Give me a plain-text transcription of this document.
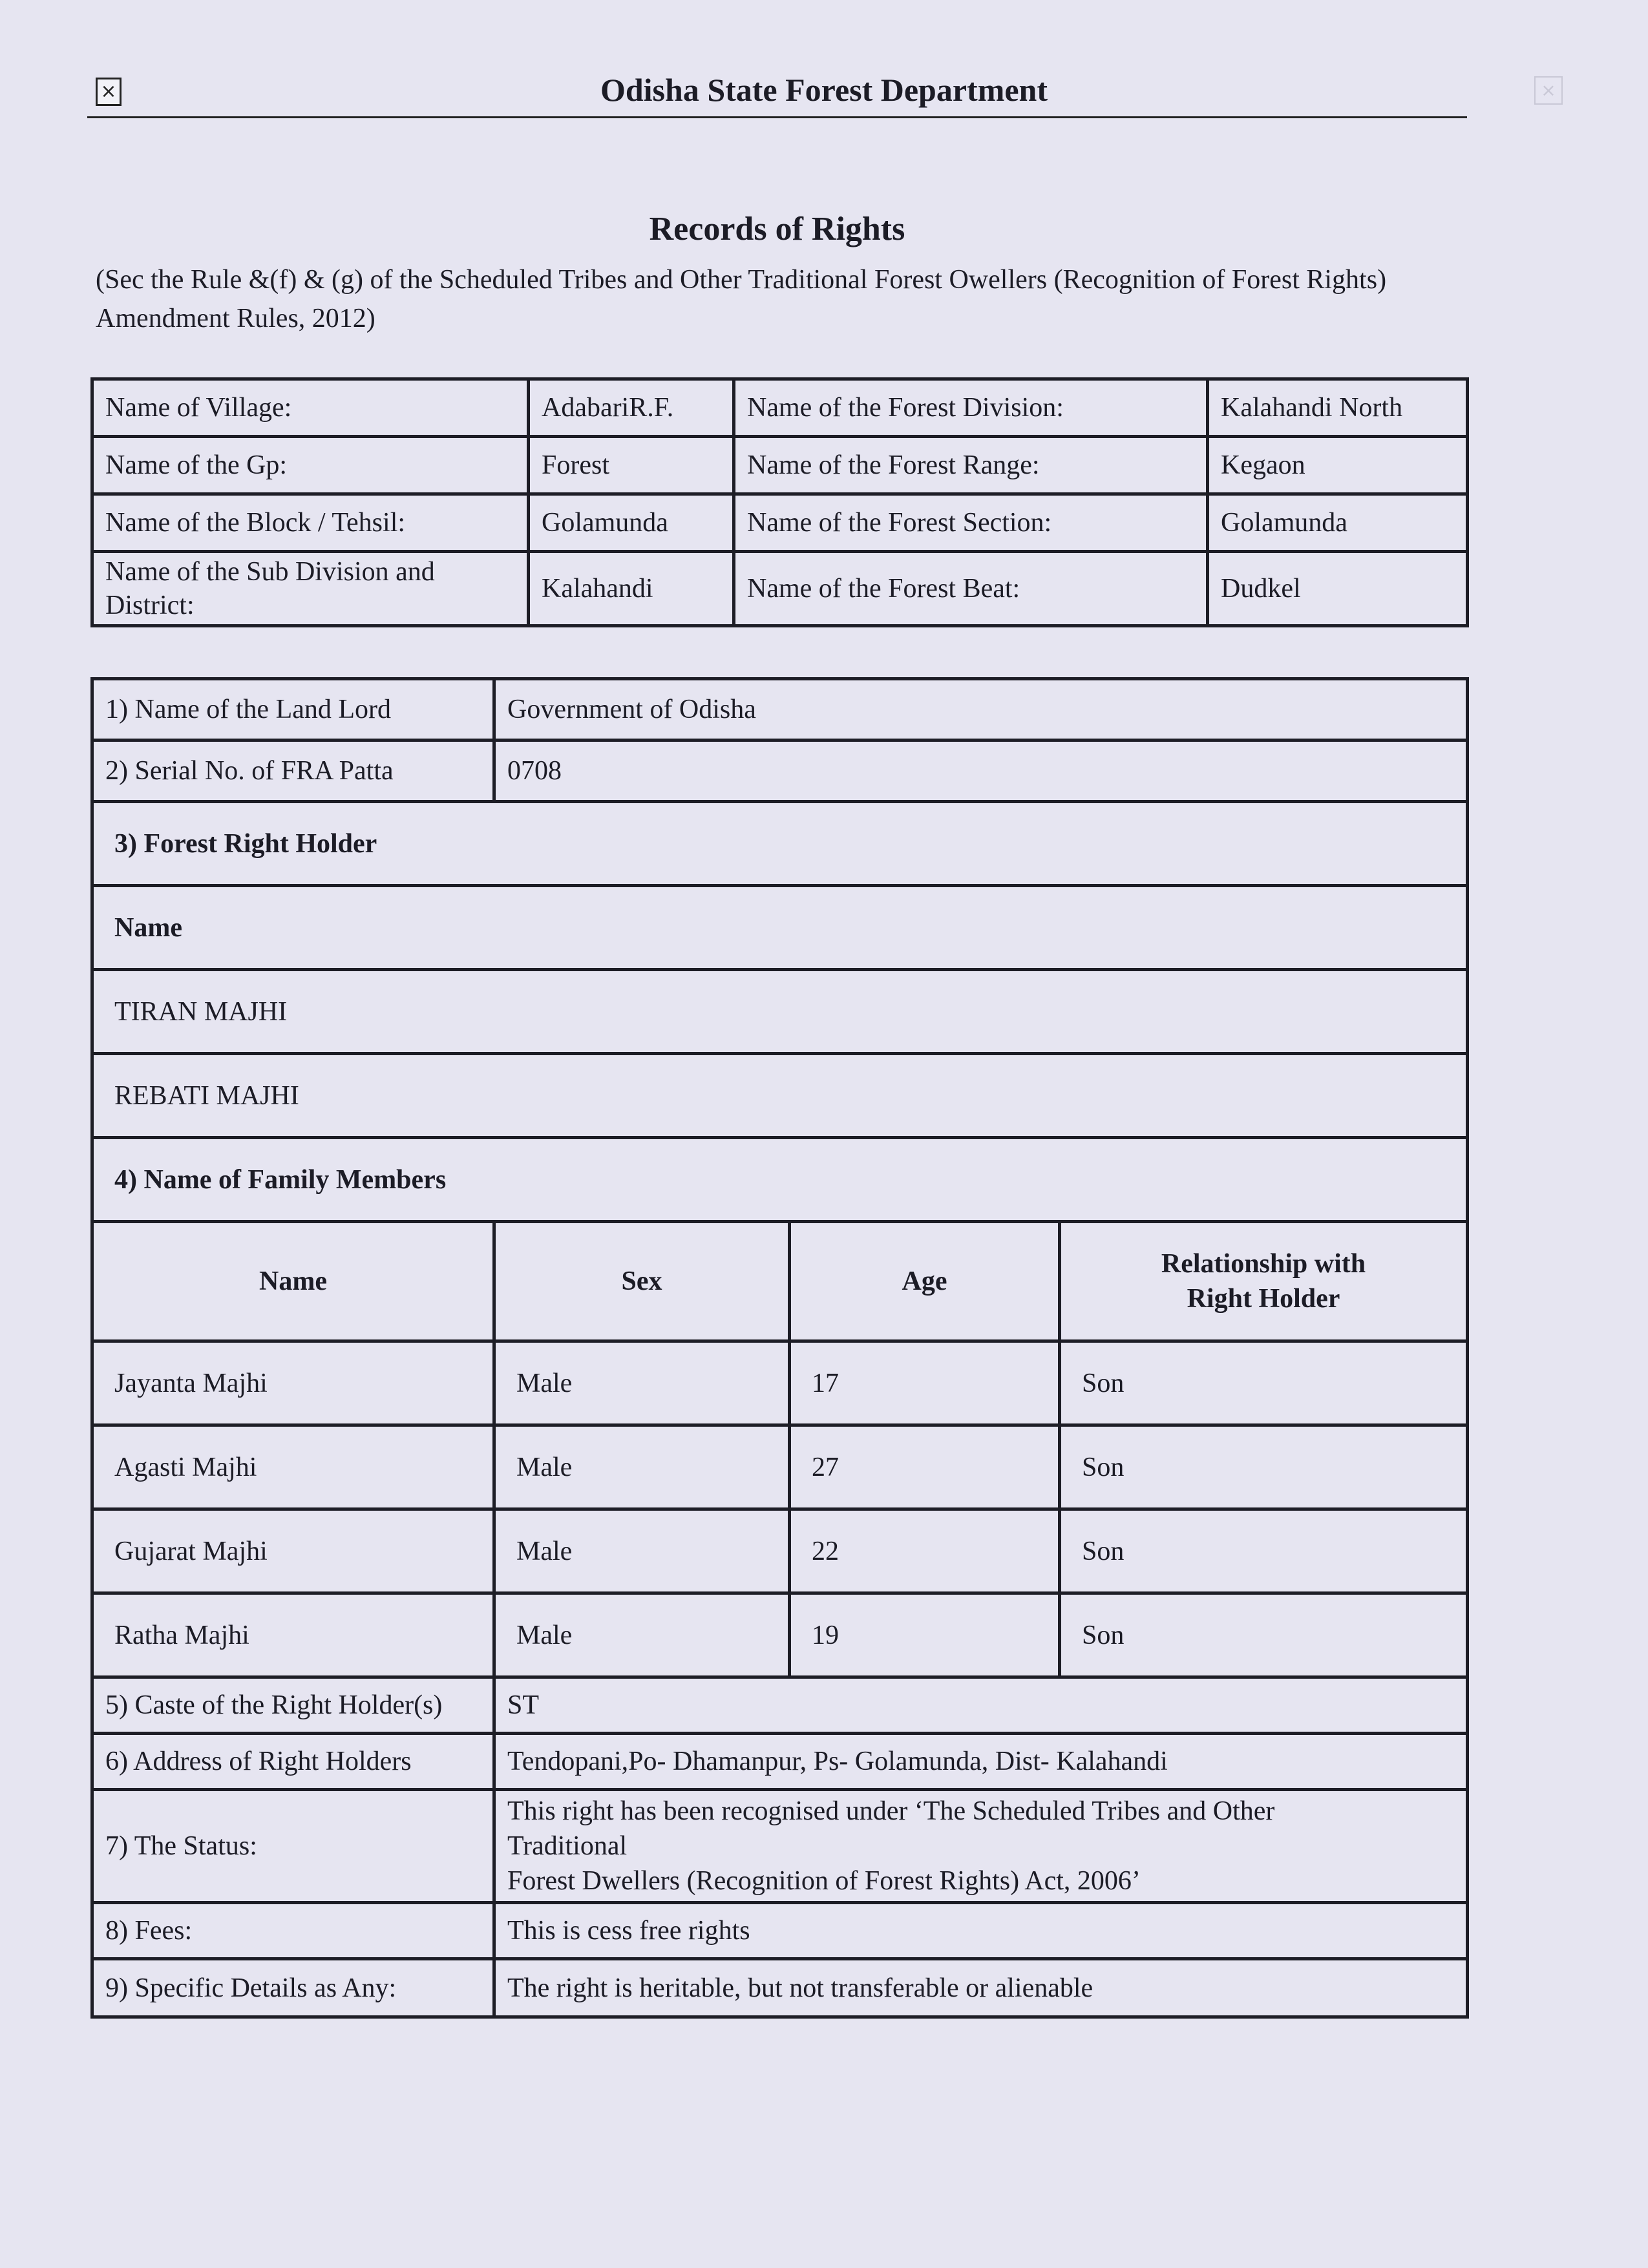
×	×
Odisha State Forest Department
Records of Rights
(Sec the Rule &(f) & (g) of the Scheduled Tribes and Other Traditional Forest Owellers (Recognition of Forest Rights) Amendment Rules, 2012)
Name of Village:	AdabariR.F.	Name of the Forest Division:	Kalahandi North
Name of the Gp:	Forest	Name of the Forest Range:	Kegaon
Name of the Block / Tehsil:	Golamunda	Name of the Forest Section:	Golamunda
Name of the Sub Division and District:	Kalahandi	Name of the Forest Beat:	Dudkel
1) Name of the Land Lord	Government of Odisha		
2) Serial No. of FRA Patta	0708		
3) Forest Right Holder			
Name			
TIRAN MAJHI			
REBATI MAJHI			
4) Name of Family Members			
Name	Sex	Age	Relationship with Right Holder
Jayanta Majhi	Male	17	Son
Agasti Majhi	Male	27	Son
Gujarat Majhi	Male	22	Son
Ratha Majhi	Male	19	Son
5) Caste of the Right Holder(s)	ST		
6) Address of Right Holders	Tendopani,Po- Dhamanpur, Ps- Golamunda, Dist- Kalahandi		
7) The Status:	This right has been recognised under ‘The Scheduled Tribes and Other
Traditional
Forest Dwellers (Recognition of Forest Rights) Act, 2006’		

8) Fees:	This is cess free rights		
9) Specific Details as Any:	The right is heritable, but not transferable or alienable		
